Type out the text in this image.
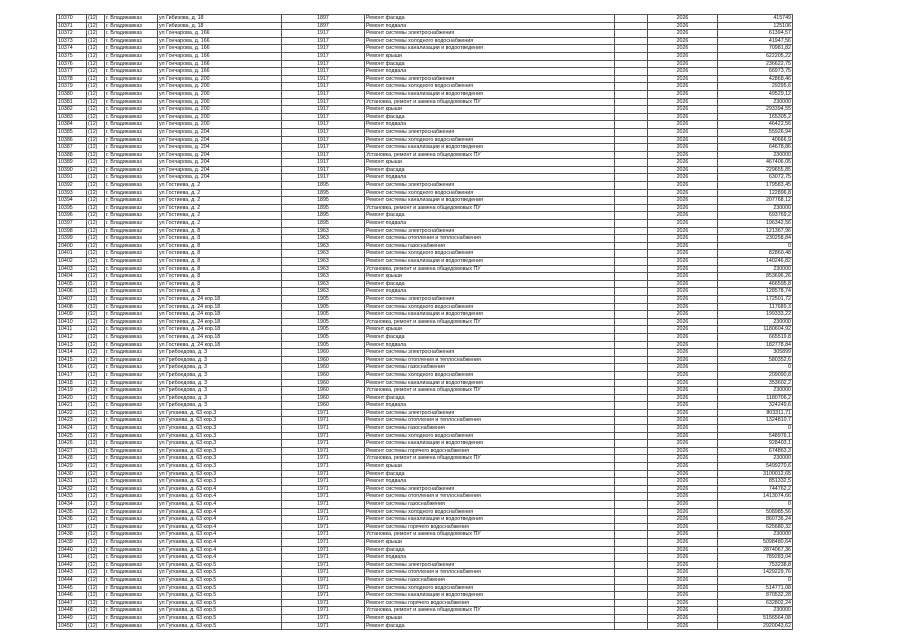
10370	(12)	г. Владикавказ	ул Гибизова, д. 18	1897	Ремонт фасада		2026	415749
10371	(12)	г. Владикавказ	ул Гибизова, д. 18	1897	Ремонт подвала		2026	125106
10372	(12)	г. Владикавказ	ул Гончарова, д. 166	1917	Ремонт системы электроснабжения		2026	61394,57
10373	(12)	г. Владикавказ	ул Гончарова, д. 166	1917	Ремонт системы холодного водоснабжения		2026	41947,56
10374	(12)	г. Владикавказ	ул Гончарова, д. 166	1917	Ремонт системы канализации и водоотведения		2026	70981,82
10375	(12)	г. Владикавказ	ул Гончарова, д. 166	1917	Ремонт крыши		2026	622205,22
10376	(12)	г. Владикавказ	ул Гончарова, д. 166	1917	Ремонт фасада		2026	236622,75
10377	(12)	г. Владикавказ	ул Гончарова, д. 166	1917	Ремонт подвала		2026	66973,75
10378	(12)	г. Владикавказ	ул Гончарова, д. 200	1917	Ремонт системы электроснабжения		2026	42868,46
10379	(12)	г. Владикавказ	ул Гончарова, д. 200	1917	Ремонт системы холодного водоснабжения		2026	29295,6
10380	(12)	г. Владикавказ	ул Гончарова, д. 200	1917	Ремонт системы канализации и водоотведения		2026	49529,12
10381	(12)	г. Владикавказ	ул Гончарова, д. 200	1917	Установка, ремонт и замена общедомовых ПУ		2026	230000
10382	(12)	г. Владикавказ	ул Гончарова, д. 200	1917	Ремонт крыши		2026	293394,55
10383	(12)	г. Владикавказ	ул Гончарова, д. 200	1917	Ремонт фасада		2026	165305,2
10384	(12)	г. Владикавказ	ул Гончарова, д. 200	1917	Ремонт подвала		2026	46422,56
10385	(12)	г. Владикавказ	ул Гончарова, д. 204	1917	Ремонт системы электроснабжения		2026	55926,94
10386	(12)	г. Владикавказ	ул Гончарова, д. 204	1917	Ремонт системы холодного водоснабжения		2026	40666,9
10387	(12)	г. Владикавказ	ул Гончарова, д. 204	1917	Ремонт системы канализации и водоотведения		2026	64678,86
10388	(12)	г. Владикавказ	ул Гончарова, д. 204	1917	Установка, ремонт и замена общедомовых ПУ		2026	230000
10389	(12)	г. Владикавказ	ул Гончарова, д. 204	1917	Ремонт крыши		2026	467406,05
10390	(12)	г. Владикавказ	ул Гончарова, д. 204	1917	Ремонт фасада		2026	229655,85
10391	(12)	г. Владикавказ	ул Гончарова, д. 204	1917	Ремонт подвала		2026	63072,75
10392	(12)	г. Владикавказ	ул Гостиева, д. 2	1895	Ремонт системы электроснабжения		2026	179583,45
10393	(12)	г. Владикавказ	ул Гостиева, д. 2	1895	Ремонт системы холодного водоснабжения		2026	122896,8
10394	(12)	г. Владикавказ	ул Гостиева, д. 2	1895	Ремонт системы канализации и водоотведения		2026	207768,12
10395	(12)	г. Владикавказ	ул Гостиева, д. 2	1895	Установка, ремонт и замена общедомовых ПУ		2026	230000
10396	(12)	г. Владикавказ	ул Гостиева, д. 2	1895	Ремонт фасада		2026	693769,2
10397	(12)	г. Владикавказ	ул Гостиева, д. 2	1895	Ремонт подвала		2026	196342,56
10398	(12)	г. Владикавказ	ул Гостиева, д. 8	1963	Ремонт системы электроснабжения		2026	121367,96
10399	(12)	г. Владикавказ	ул Гостиева, д. 8	1963	Ремонт системы отопления и теплоснабжения		2026	230258,84
10400	(12)	г. Владикавказ	ул Гостиева, д. 8	1963	Ремонт системы газоснабжения		2026	0
10401	(12)	г. Владикавказ	ул Гостиева, д. 8	1963	Ремонт системы холодного водоснабжения		2026	82860,48
10402	(12)	г. Владикавказ	ул Гостиева, д. 8	1963	Ремонт системы канализации и водоотведения		2026	140246,82
10403	(12)	г. Владикавказ	ул Гостиева, д. 8	1963	Установка, ремонт и замена общедомовых ПУ		2026	230000
10404	(12)	г. Владикавказ	ул Гостиева, д. 8	1963	Ремонт крыши		2026	853696,26
10405	(12)	г. Владикавказ	ул Гостиева, д. 8	1963	Ремонт фасада		2026	466595,8
10406	(12)	г. Владикавказ	ул Гостиева, д. 8	1963	Ремонт подвала		2026	128578,74
10407	(12)	г. Владикавказ	ул Гостиева, д. 24 кор.18	1905	Ремонт системы электроснабжения		2026	172501,72
10408	(12)	г. Владикавказ	ул Гостиева, д. 24 кор.18	1905	Ремонт системы холодного водоснабжения		2026	117689,3
10409	(12)	г. Владикавказ	ул Гостиева, д. 24 кор.18	1905	Ремонт системы канализации и водоотведения		2026	199333,22
10410	(12)	г. Владикавказ	ул Гостиева, д. 24 кор.18	1905	Установка, ремонт и замена общедомовых ПУ		2026	230000
10411	(12)	г. Владикавказ	ул Гостиева, д. 24 кор.18	1905	Ремонт крыши		2026	1180604,92
10412	(12)	г. Владикавказ	ул Гостиева, д. 24 кор.18	1905	Ремонт фасада		2026	665519,8
10413	(12)	г. Владикавказ	ул Гостиева, д. 24 кор.18	1905	Ремонт подвала		2026	182778,84
10414	(12)	г. Владикавказ	ул Грибоедова, д. 3	1960	Ремонт системы электроснабжения		2026	305899
10415	(12)	г. Владикавказ	ул Грибоедова, д. 3	1960	Ремонт системы отопления и теплоснабжения		2026	580352,6
10416	(12)	г. Владикавказ	ул Грибоедова, д. 3	1960	Ремонт системы газоснабжения		2026	0
10417	(12)	г. Владикавказ	ул Грибоедова, д. 3	1960	Ремонт системы холодного водоснабжения		2026	209090,8
10418	(12)	г. Владикавказ	ул Грибоедова, д. 3	1960	Ремонт системы канализации и водоотведения		2026	353602,2
10419	(12)	г. Владикавказ	ул Грибоедова, д. 3	1960	Установка, ремонт и замена общедомовых ПУ		2026	230000
10420	(12)	г. Владикавказ	ул Грибоедова, д. 3	1960	Ремонт фасада		2026	1180706,2
10421	(12)	г. Владикавказ	ул Грибоедова, д. 3	1960	Ремонт подвала		2026	324249,6
10422	(12)	г. Владикавказ	ул Гугкаева, д. 63 кор.3	1971	Ремонт системы электроснабжения		2026	803311,71
10423	(12)	г. Владикавказ	ул Гугкаева, д. 63 кор.3	1971	Ремонт системы отопления и теплоснабжения		2026	1324810,7
10424	(12)	г. Владикавказ	ул Гугкаева, д. 63 кор.3	1971	Ремонт системы газоснабжения		2026	0
10425	(12)	г. Владикавказ	ул Гугкаева, д. 63 кор.3	1971	Ремонт системы холодного водоснабжения		2026	548976,1
10426	(12)	г. Владикавказ	ул Гугкаева, д. 63 кор.3	1971	Ремонт системы канализации и водоотведения		2026	928403,1
10427	(12)	г. Владикавказ	ул Гугкаева, д. 63 кор.3	1971	Ремонт системы горячего водоснабжения		2026	674863,3
10428	(12)	г. Владикавказ	ул Гугкаева, д. 63 кор.3	1971	Установка, ремонт и замена общедомовых ПУ		2026	230000
10429	(12)	г. Владикавказ	ул Гугкаева, д. 63 кор.3	1971	Ремонт крыши		2026	5499270,6
10430	(12)	г. Владикавказ	ул Гугкаева, д. 63 кор.3	1971	Ремонт фасада		2026	3100012,65
10431	(12)	г. Владикавказ	ул Гугкаева, д. 63 кор.3	1971	Ремонт подвала		2026	851332,5
10432	(12)	г. Владикавказ	ул Гугкаева, д. 63 кор.4	1971	Ремонт системы электроснабжения		2026	744762,2
10433	(12)	г. Владикавказ	ул Гугкаева, д. 63 кор.4	1971	Ремонт системы отопления и теплоснабжения		2026	1413074,66
10434	(12)	г. Владикавказ	ул Гугкаева, д. 63 кор.4	1971	Ремонт системы газоснабжения		2026	0
10435	(12)	г. Владикавказ	ул Гугкаева, д. 63 кор.4	1971	Ремонт системы холодного водоснабжения		2026	508985,56
10436	(12)	г. Владикавказ	ул Гугкаева, д. 63 кор.4	1971	Ремонт системы канализации и водоотведения		2026	860736,24
10437	(12)	г. Владикавказ	ул Гугкаева, д. 63 кор.4	1971	Ремонт системы горячего водоснабжения		2026	625680,32
10438	(12)	г. Владикавказ	ул Гугкаева, д. 63 кор.4	1971	Установка, ремонт и замена общедомовых ПУ		2026	230000
10439	(12)	г. Владикавказ	ул Гугкаева, д. 63 кор.4	1971	Ремонт крыши		2026	5098480,64
10440	(12)	г. Владикавказ	ул Гугкаева, д. 63 кор.4	1971	Ремонт фасада		2026	2874067,36
10441	(12)	г. Владикавказ	ул Гугкаева, д. 63 кор.4	1971	Ремонт подвала		2026	789283,04
10442	(12)	г. Владикавказ	ул Гугкаева, д. 63 кор.5	1971	Ремонт системы электроснабжения		2026	753238,8
10443	(12)	г. Владикавказ	ул Гугкаева, д. 63 кор.5	1971	Ремонт системы отопления и теплоснабжения		2026	1429229,76
10444	(12)	г. Владикавказ	ул Гугкаева, д. 63 кор.5	1971	Ремонт системы газоснабжения		2026	0
10445	(12)	г. Владикавказ	ул Гугкаева, д. 63 кор.5	1971	Ремонт системы холодного водоснабжения		2026	514771,08
10446	(12)	г. Владикавказ	ул Гугкаева, д. 63 кор.5	1971	Ремонт системы канализации и водоотведения		2026	870532,28
10447	(12)	г. Владикавказ	ул Гугкаева, д. 63 кор.5	1971	Ремонт системы горячего водоснабжения		2026	632802,24
10448	(12)	г. Владикавказ	ул Гугкаева, д. 63 кор.5	1971	Установка, ремонт и замена общедомовых ПУ		2026	230000
10449	(12)	г. Владикавказ	ул Гугкаева, д. 63 кор.5	1971	Ремонт крыши		2026	5156564,08
10450	(12)	г. Владикавказ	ул Гугкаева, д. 63 кор.5	1971	Ремонт фасада		2026	2920043,62
